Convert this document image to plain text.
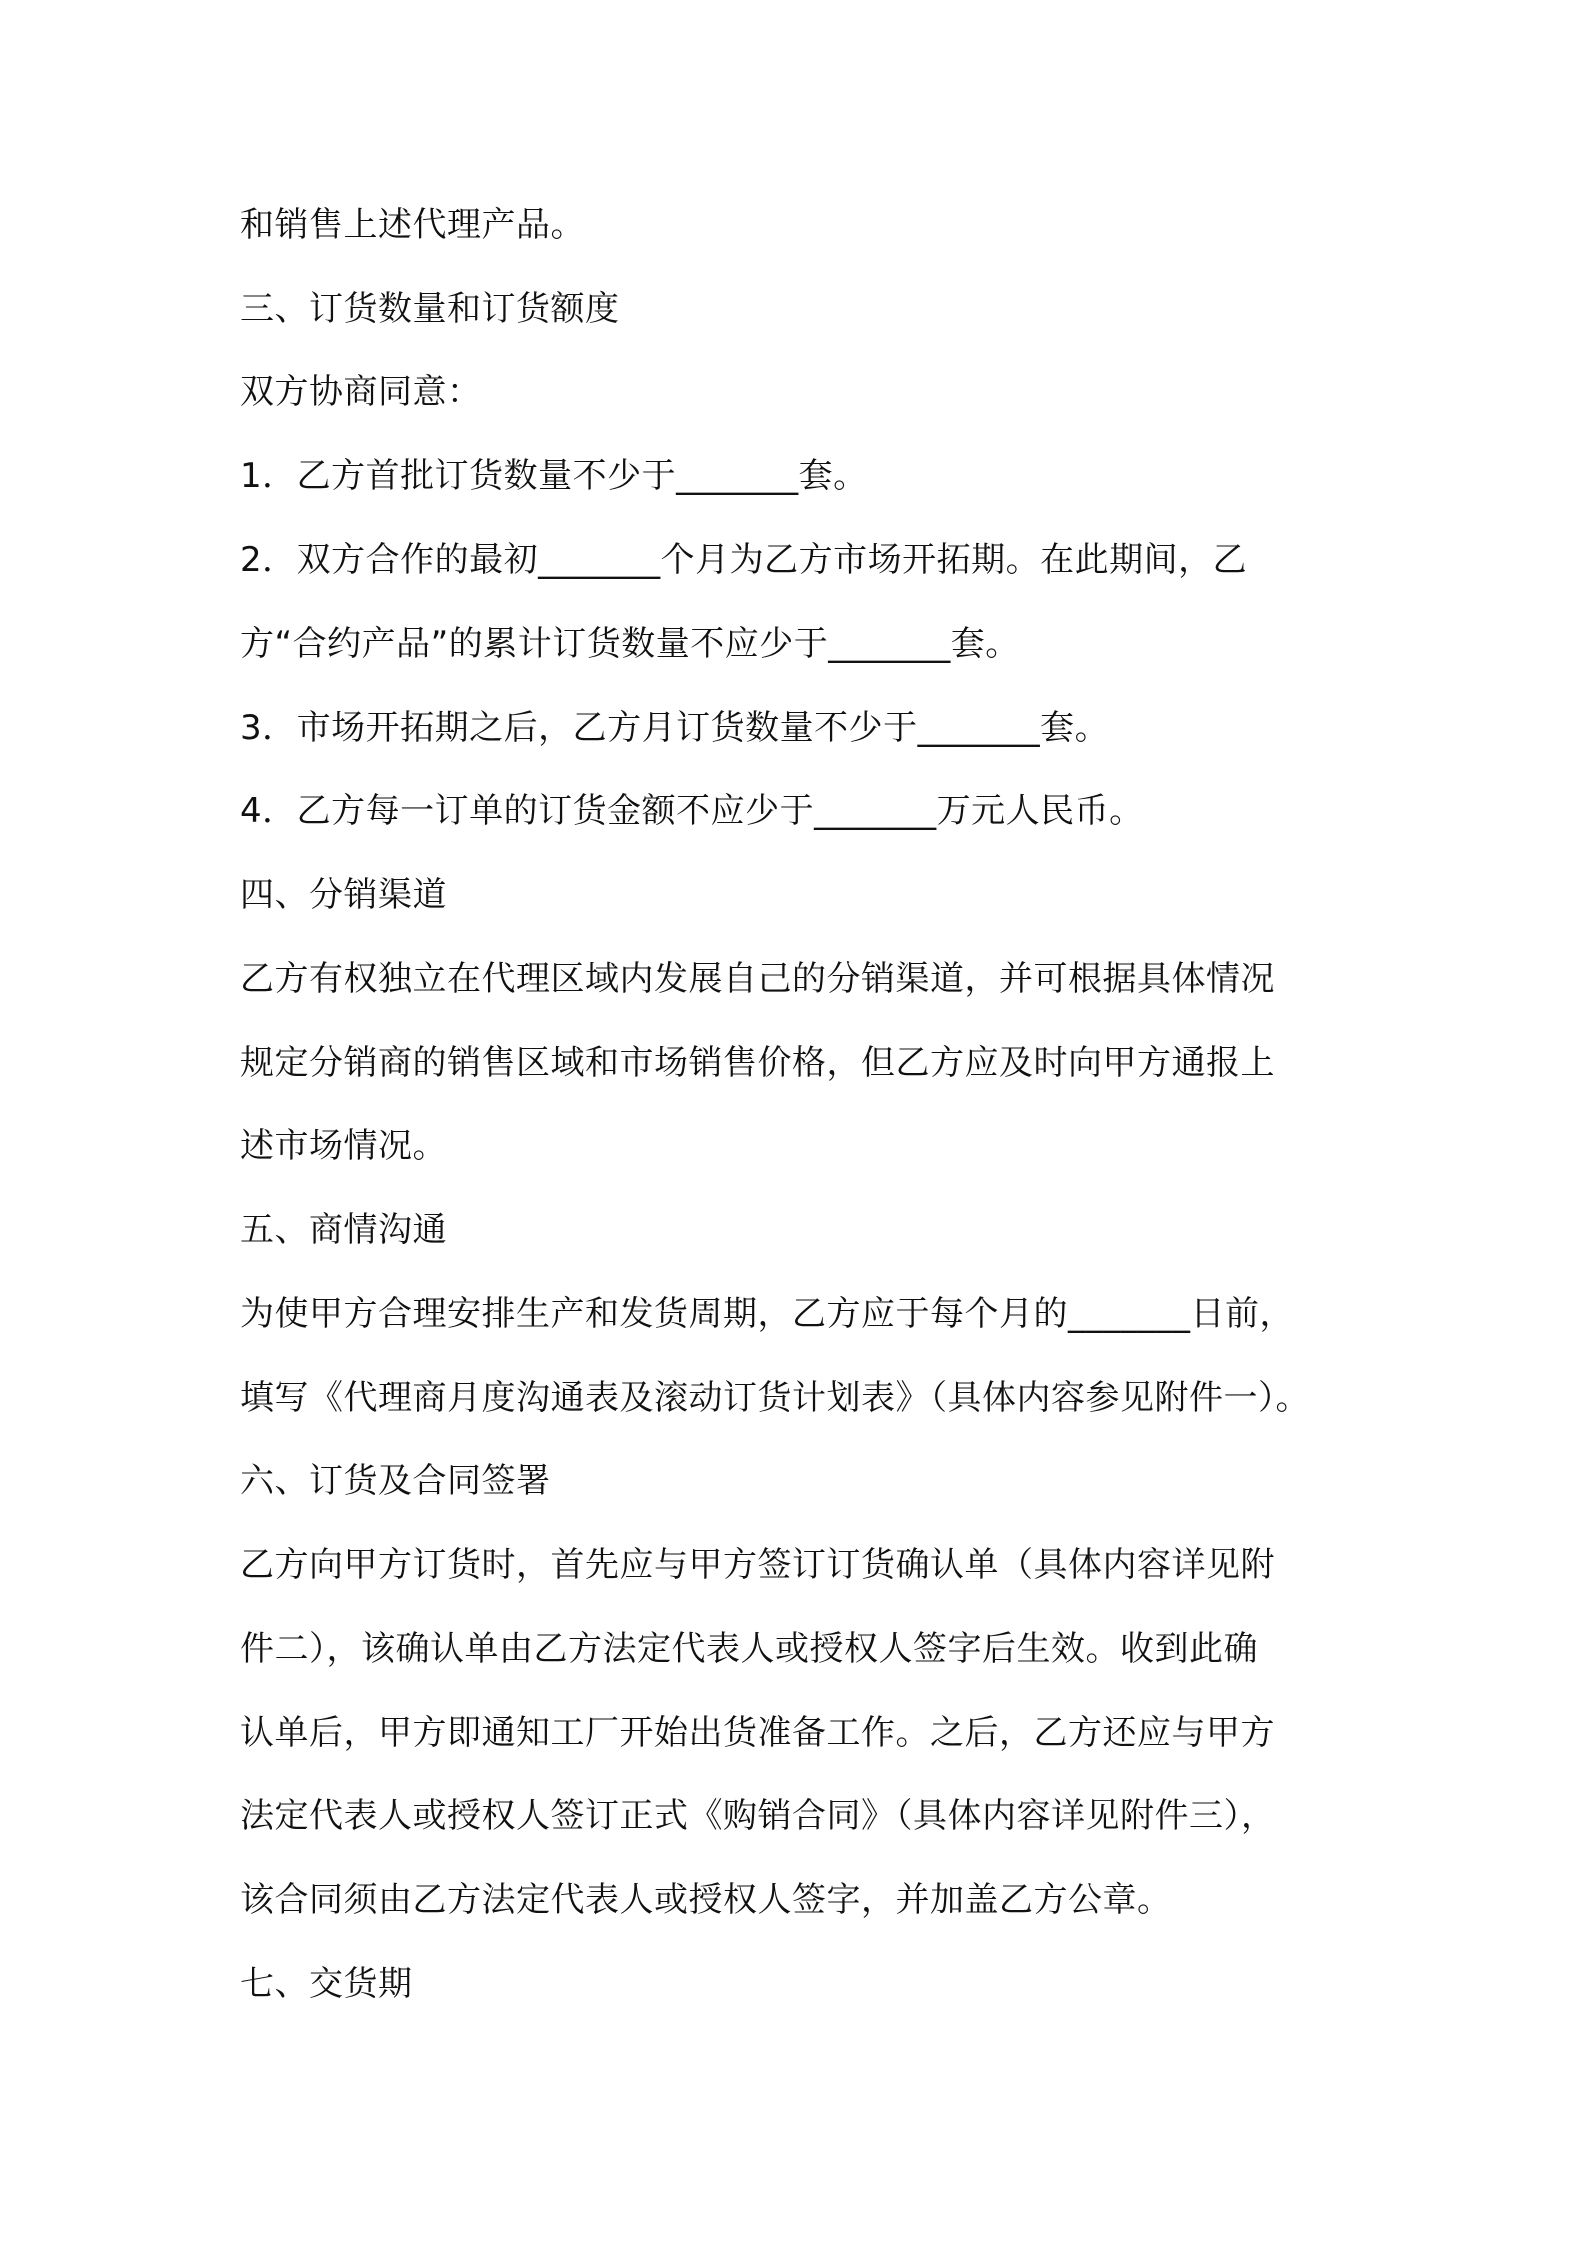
和销售上述代理产品。

三、订货数量和订货额度

双方协商同意：

1．乙方首批订货数量不少于_______套。

2．双方合作的最初_______个月为乙方市场开拓期。在此期间，乙

方“合约产品”的累计订货数量不应少于_______套。

3．市场开拓期之后，乙方月订货数量不少于_______套。

4．乙方每一订单的订货金额不应少于_______万元人民币。

四、分销渠道

乙方有权独立在代理区域内发展自己的分销渠道，并可根据具体情况

规定分销商的销售区域和市场销售价格，但乙方应及时向甲方通报上

述市场情况。

五、商情沟通

为使甲方合理安排生产和发货周期，乙方应于每个月的_______日前，

填写《代理商月度沟通表及滚动订货计划表》（具体内容参见附件一）。

六、订货及合同签署

乙方向甲方订货时，首先应与甲方签订订货确认单（具体内容详见附

件二），该确认单由乙方法定代表人或授权人签字后生效。收到此确

认单后，甲方即通知工厂开始出货准备工作。之后，乙方还应与甲方

法定代表人或授权人签订正式《购销合同》（具体内容详见附件三），

该合同须由乙方法定代表人或授权人签字，并加盖乙方公章。

七、交货期
